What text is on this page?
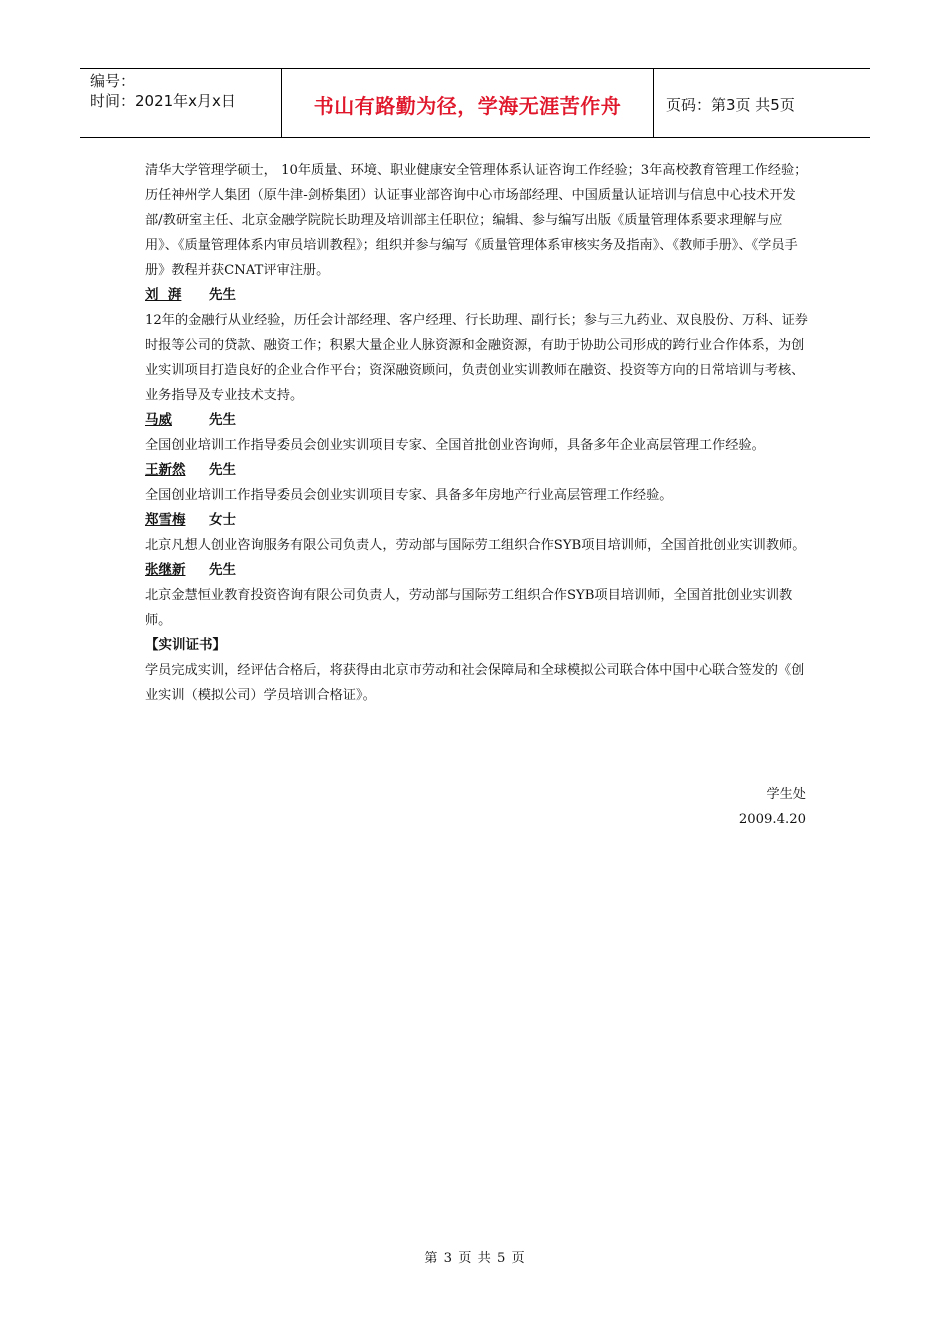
编号：
时间：2021年x月x日	书山有路勤为径，学海无涯苦作舟	页码：第3页 共5页

清华大学管理学硕士， 10年质量、环境、职业健康安全管理体系认证咨询工作经验；3年高校教育管理工作经验；历任神州学人集团（原牛津-剑桥集团）认证事业部咨询中心市场部经理、中国质量认证培训与信息中心技术开发部/教研室主任、北京金融学院院长助理及培训部主任职位；编辑、参与编写出版《质量管理体系要求理解与应用》、《质量管理体系内审员培训教程》；组织并参与编写《质量管理体系审核实务及指南》、《教师手册》、《学员手册》教程并获CNAT评审注册。

刘  湃 先生

12年的金融行从业经验，历任会计部经理、客户经理、行长助理、副行长；参与三九药业、双良股份、万科、证券时报等公司的贷款、融资工作；积累大量企业人脉资源和金融资源，有助于协助公司形成的跨行业合作体系，为创业实训项目打造良好的企业合作平台；资深融资顾问，负责创业实训教师在融资、投资等方向的日常培训与考核、业务指导及专业技术支持。

马威	先生

全国创业培训工作指导委员会创业实训项目专家、全国首批创业咨询师，具备多年企业高层管理工作经验。

王新然 先生

全国创业培训工作指导委员会创业实训项目专家、具备多年房地产行业高层管理工作经验。

郑雪梅 女士

北京凡想人创业咨询服务有限公司负责人，劳动部与国际劳工组织合作SYB项目培训师，全国首批创业实训教师。

张继新 先生

北京金慧恒业教育投资咨询有限公司负责人，劳动部与国际劳工组织合作SYB项目培训师，全国首批创业实训教师。

【实训证书】

学员完成实训，经评估合格后，将获得由北京市劳动和社会保障局和全球模拟公司联合体中国中心联合签发的《创业实训（模拟公司）学员培训合格证》。

学生处
2009.4.20
第 3 页 共 5 页
